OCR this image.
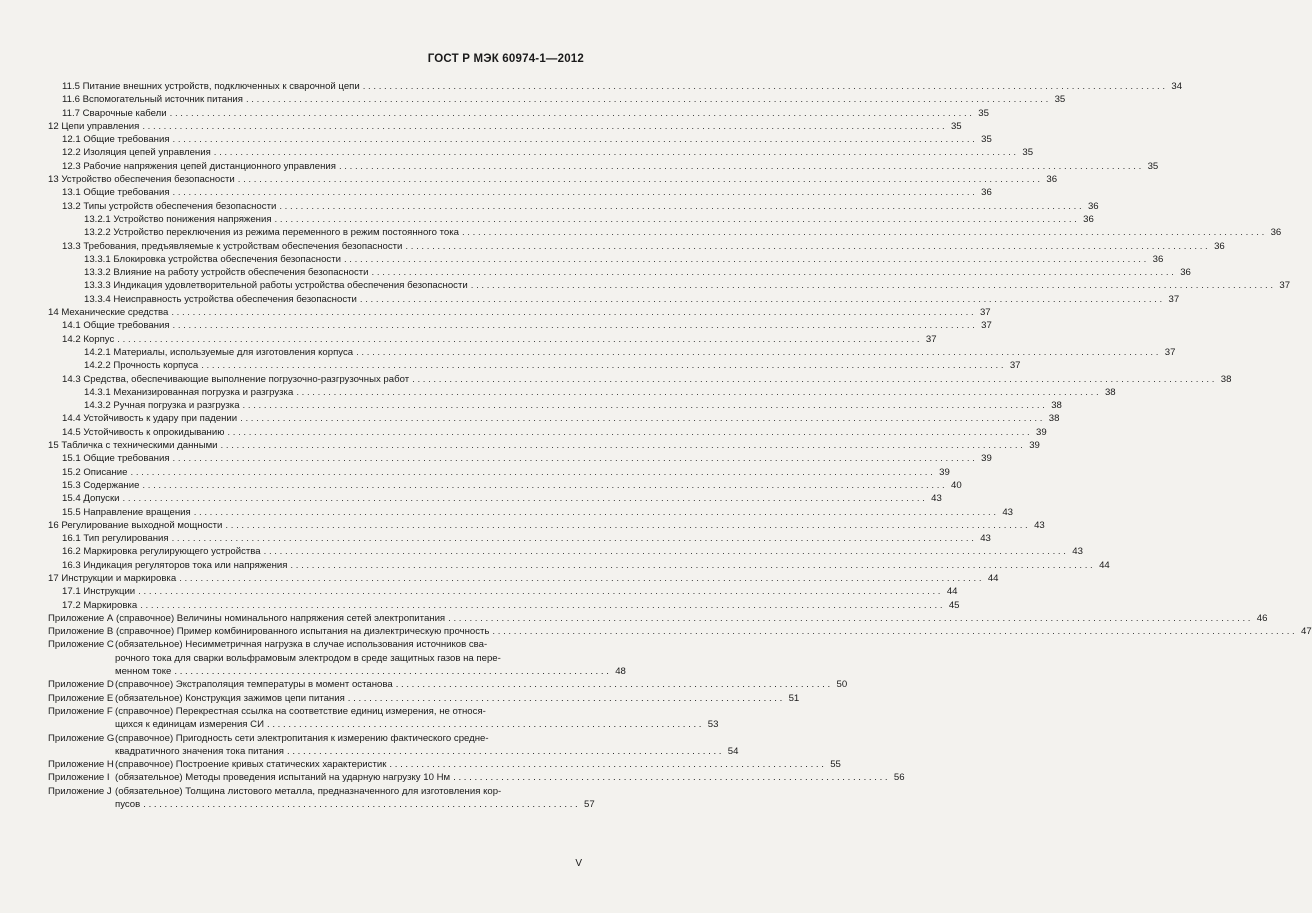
ГОСТ Р МЭК 60974-1—2012
11.5 Питание внешних устройств, подключенных к сварочной цепи . . .	34
11.6 Вспомогательный источник питания . . .	35
11.7 Сварочные кабели . . .	35
12 Цепи управления . . .	35
12.1 Общие требования . . .	35
12.2 Изоляция цепей управления . . .	35
12.3 Рабочие напряжения цепей дистанционного управления . . .	35
13 Устройство обеспечения безопасности . . .	36
13.1 Общие требования . . .	36
13.2 Типы устройств обеспечения безопасности . . .	36
13.2.1 Устройство понижения напряжения . . .	36
13.2.2 Устройство переключения из режима переменного в режим постоянного тока . . .	36
13.3 Требования, предъявляемые к устройствам обеспечения безопасности . . .	36
13.3.1 Блокировка устройства обеспечения безопасности . . .	36
13.3.2 Влияние на работу устройств обеспечения безопасности . . .	36
13.3.3 Индикация удовлетворительной работы устройства обеспечения безопасности . . .	37
13.3.4 Неисправность устройства обеспечения безопасности . . .	37
14 Механические средства . . .	37
14.1 Общие требования . . .	37
14.2 Корпус . . .	37
14.2.1 Материалы, используемые для изготовления корпуса . . .	37
14.2.2 Прочность корпуса . . .	37
14.3 Средства, обеспечивающие выполнение погрузочно-разгрузочных работ . . .	38
14.3.1 Механизированная погрузка и разгрузка . . .	38
14.3.2 Ручная погрузка и разгрузка . . .	38
14.4 Устойчивость к удару при падении . . .	38
14.5 Устойчивость к опрокидыванию . . .	39
15 Табличка с техническими данными . . .	39
15.1 Общие требования . . .	39
15.2 Описание . . .	39
15.3 Содержание . . .	40
15.4 Допуски . . .	43
15.5 Направление вращения . . .	43
16 Регулирование выходной мощности . . .	43
16.1 Тип регулирования . . .	43
16.2 Маркировка регулирующего устройства . . .	43
16.3 Индикация регуляторов тока или напряжения . . .	44
17 Инструкции и маркировка . . .	44
17.1 Инструкции . . .	44
17.2 Маркировка . . .	45
Приложение А (справочное) Величины номинального напряжения сетей электропитания . . .	46
Приложение В (справочное) Пример комбинированного испытания на диэлектрическую прочность . . .	47
Приложение С (обязательное) Несимметричная нагрузка в случае использования источников сва-
рочного тока для сварки вольфрамовым электродом в среде защитных газов на пере-
менном токе . . .	48
Приложение D (справочное) Экстраполяция температуры в момент останова . . .	50
Приложение Е (обязательное) Конструкция зажимов цепи питания . . .	51
Приложение F (справочное) Перекрестная ссылка на соответствие единиц измерения, не относя-
щихся к единицам измерения СИ . . .	53
Приложение G (справочное) Пригодность сети электропитания к измерению фактического средне-
квадратичного значения тока питания . . .	54
Приложение Н (справочное) Построение кривых статических характеристик . . .	55
Приложение I (обязательное) Методы проведения испытаний на ударную нагрузку 10 Нм . . .	56
Приложение J (обязательное) Толщина листового металла, предназначенного для изготовления кор-
пусов . . .	57
V
